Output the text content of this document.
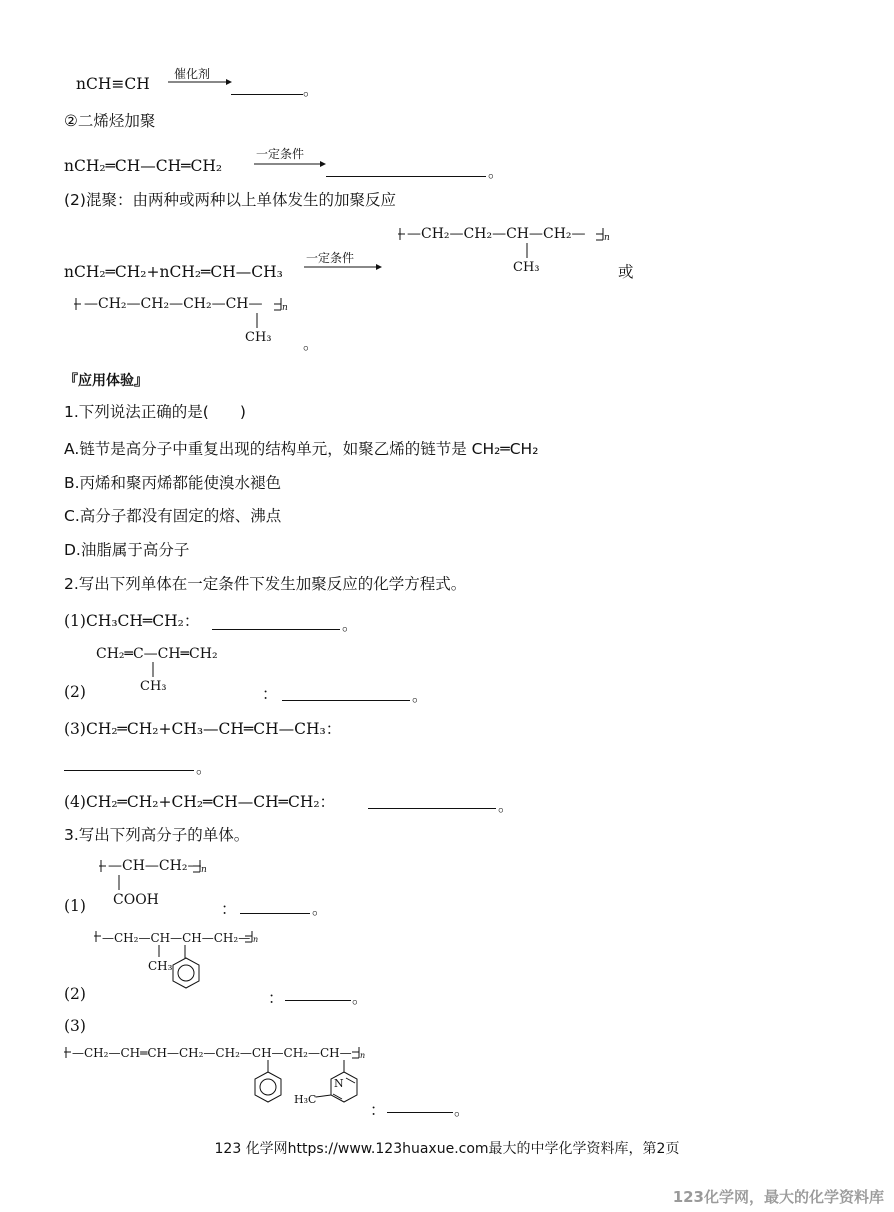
nCH≡CH
催化剂
。
②二烯烃加聚
nCH₂═CH—CH═CH₂
一定条件
。
(2)混聚：由两种或两种以上单体发生的加聚反应
n
—CH₂—CH₂—CH—CH₂—
CH₃
nCH₂═CH₂+nCH₂═CH—CH₃
一定条件
或
n
—CH₂—CH₂—CH₂—CH—
CH₃ 。
『应用体验』
1.下列说法正确的是(　　)
A.链节是高分子中重复出现的结构单元，如聚乙烯的链节是 CH₂═CH₂
B.丙烯和聚丙烯都能使溴水褪色
C.高分子都没有固定的熔、沸点
D.油脂属于高分子
2.写出下列单体在一定条件下发生加聚反应的化学方程式。
(1)CH₃CH═CH₂：	。
CH₂═C—CH═CH₂
CH₃
(2)	：	。
(3)CH₂═CH₂+CH₃—CH═CH—CH₃：
。
(4)CH₂═CH₂+CH₂═CH—CH═CH₂：	。
3.写出下列高分子的单体。
n
—CH—CH₂—
COOH
(1)	：	。
n
—CH₂—CH—CH—CH₂—
CH₃
(2)	：	。
(3)
N
n
—CH₂—CH═CH—CH₂—CH₂—CH—CH₂—CH—
H₃C
：	。
123 化学网https://www.123huaxue.com最大的中学化学资料库，第2页
123化学网，最大的化学资料库
